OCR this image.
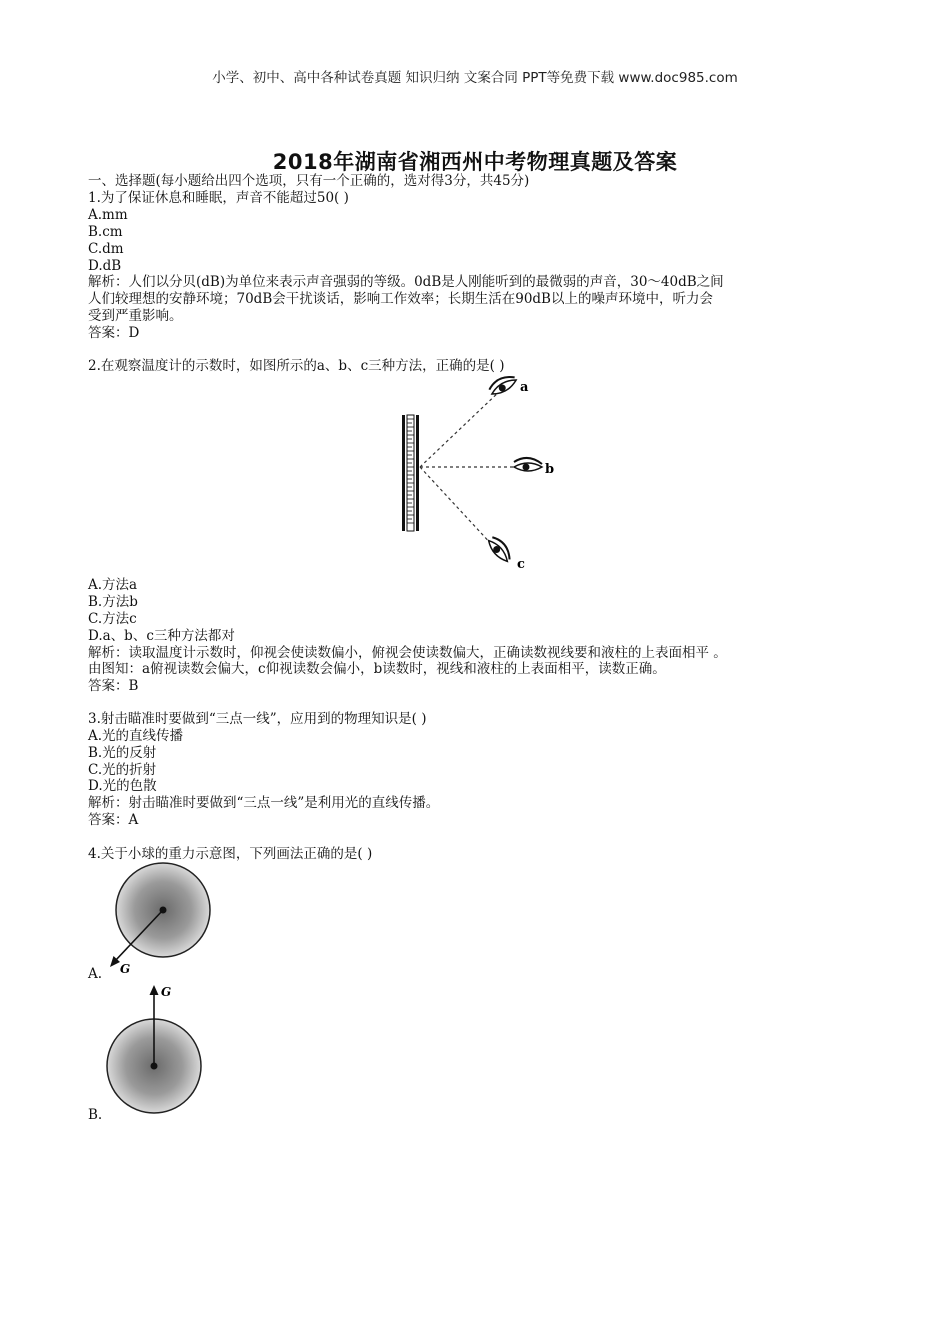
小学、初中、高中各种试卷真题 知识归纳 文案合同 PPT等免费下载 www.doc985.com
2018年湖南省湘西州中考物理真题及答案
一、选择题(每小题给出四个选项，只有一个正确的，选对得3分，共45分)
1.为了保证休息和睡眠，声音不能超过50( )
A.mm
B.cm
C.dm
D.dB
解析：人们以分贝(dB)为单位来表示声音强弱的等级。0dB是人刚能听到的最微弱的声音，30～40dB之间
人们较理想的安静环境；70dB会干扰谈话，影响工作效率；长期生活在90dB以上的噪声环境中，听力会
受到严重影响。
答案：D
2.在观察温度计的示数时，如图所示的a、b、c三种方法，正确的是( )
a
b
c
A.方法a
B.方法b
C.方法c
D.a、b、c三种方法都对
解析：读取温度计示数时，仰视会使读数偏小，俯视会使读数偏大，正确读数视线要和液柱的上表面相平 。
由图知：a俯视读数会偏大，c仰视读数会偏小，b读数时，视线和液柱的上表面相平，读数正确。
答案：B
3.射击瞄准时要做到“三点一线”，应用到的物理知识是( )
A.光的直线传播
B.光的反射
C.光的折射
D.光的色散
解析：射击瞄准时要做到“三点一线”是利用光的直线传播。
答案：A
4.关于小球的重力示意图，下列画法正确的是( )
G
A.
G
B.
